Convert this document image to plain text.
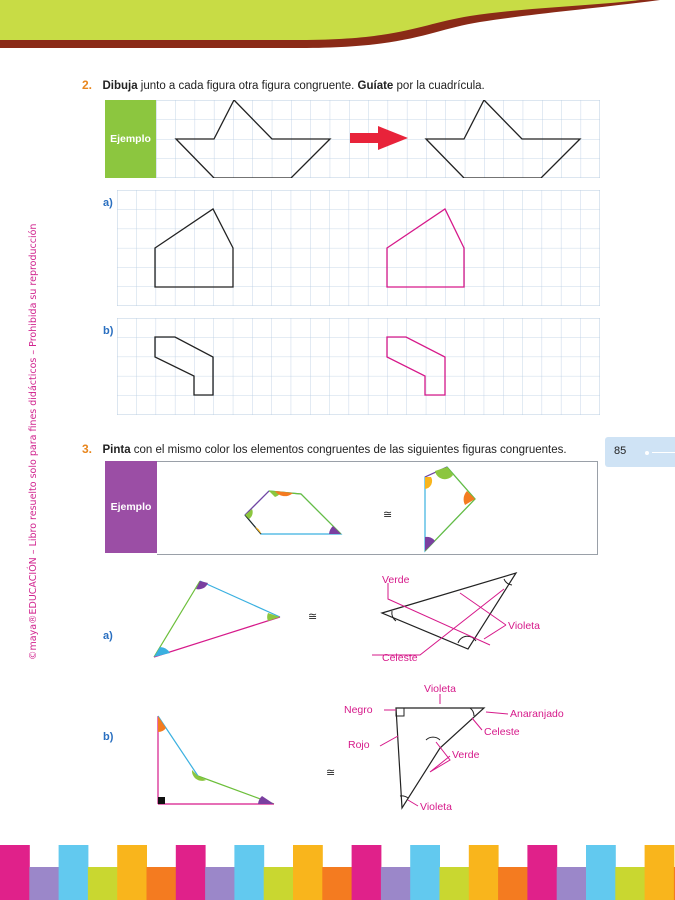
©maya®EDUCACIÓN – Libro resuelto solo para fines didácticos – Prohibida su reproducción	85
2. Dibuja junto a cada figura otra figura congruente. Guíate por la cuadrícula.
Ejemplo
a)
b)
3. Pinta con el mismo color los elementos congruentes de las siguientes figuras congruentes.
Ejemplo
≅
a)
≅
Verde
Violeta
Celeste
b)
≅
Violeta
Negro	Anaranjado
Celeste
Rojo
Verde
Violeta
